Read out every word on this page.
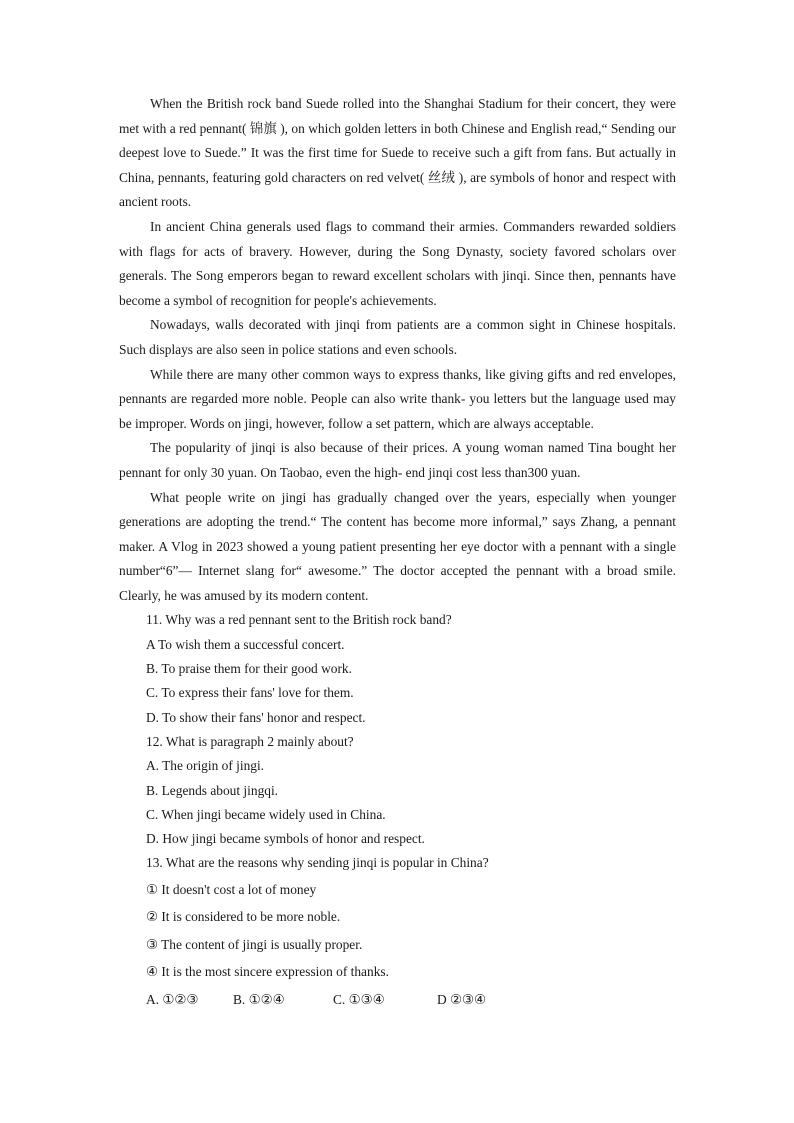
When the British rock band Suede rolled into the Shanghai Stadium for their concert, they were met with a red pennant( 锦旗 ), on which golden letters in both Chinese and English read,“ Sending our deepest love to Suede.” It was the first time for Suede to receive such a gift from fans. But actually in China, pennants, featuring gold characters on red velvet( 丝绒 ), are symbols of honor and respect with ancient roots.

In ancient China generals used flags to command their armies. Commanders rewarded soldiers with flags for acts of bravery. However, during the Song Dynasty, society favored scholars over generals. The Song emperors began to reward excellent scholars with jinqi. Since then, pennants have become a symbol of recognition for people's achievements.

Nowadays, walls decorated with jinqi from patients are a common sight in Chinese hospitals. Such displays are also seen in police stations and even schools.

While there are many other common ways to express thanks, like giving gifts and red envelopes, pennants are regarded more noble. People can also write thank- you letters but the language used may be improper. Words on jingi, however, follow a set pattern, which are always acceptable.

The popularity of jinqi is also because of their prices. A young woman named Tina bought her pennant for only 30 yuan. On Taobao, even the high- end jinqi cost less than300 yuan.

What people write on jingi has gradually changed over the years, especially when younger generations are adopting the trend.“ The content has become more informal,” says Zhang, a pennant maker. A Vlog in 2023 showed a young patient presenting her eye doctor with a pennant with a single number“6”— Internet slang for“ awesome.” The doctor accepted the pennant with a broad smile. Clearly, he was amused by its modern content.

11. Why was a red pennant sent to the British rock band?

A To wish them a successful concert.

B. To praise them for their good work.

C. To express their fans' love for them.

D. To show their fans' honor and respect.

12. What is paragraph 2 mainly about?

A. The origin of jingi.

B. Legends about jingqi.

C. When jingi became widely used in China.

D. How jingi became symbols of honor and respect.

13. What are the reasons why sending jinqi is popular in China?

① It doesn't cost a lot of money

② It is considered to be more noble.

③ The content of jingi is usually proper.

④ It is the most sincere expression of thanks.

A. ①②③	B. ①②④	C. ①③④	D ②③④
